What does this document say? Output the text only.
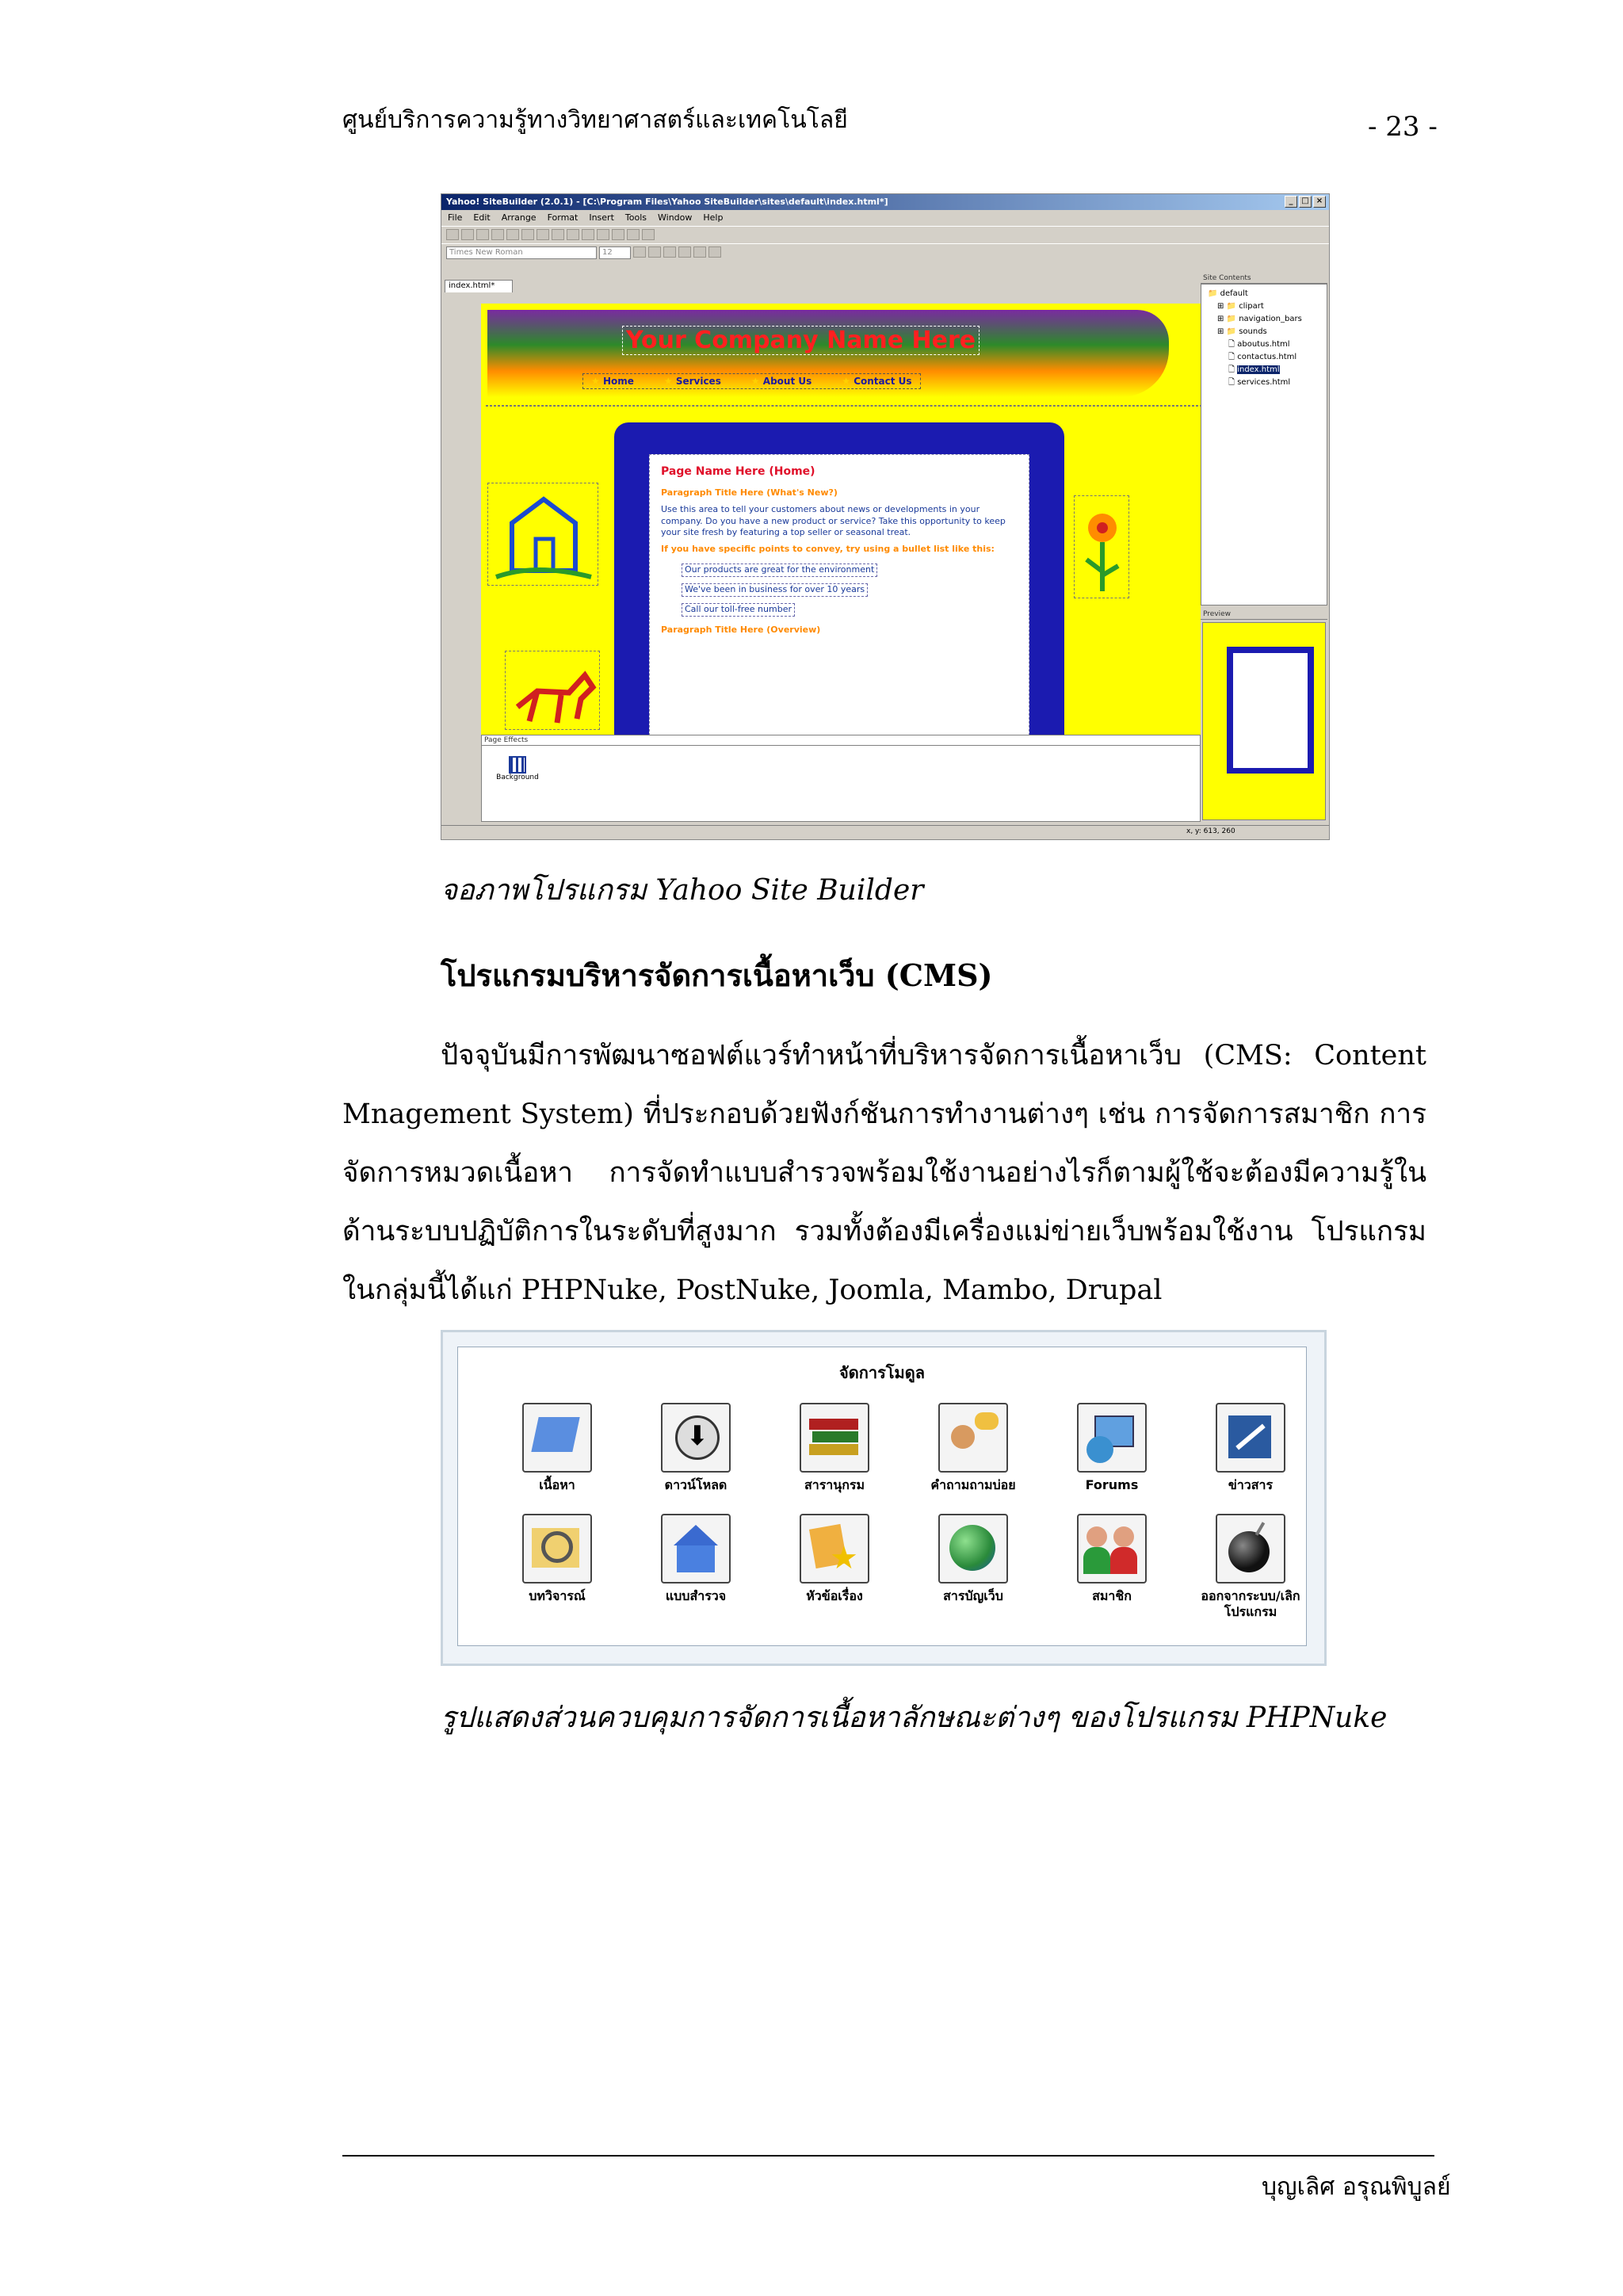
ศูนย์บริการความรู้ทางวิทยาศาสตร์และเทคโนโลยี	- 23 -
Yahoo! SiteBuilder (2.0.1) - [C:\Program Files\Yahoo SiteBuilder\sites\default\index.html*]	_	□ ×
File Edit Arrange Format Insert Tools Window Help
Times New Roman	12
index.html*
Your Company Name Here
★ Home	★ Services	★ About Us	★ Contact Us
Page Name Here (Home)
Paragraph Title Here (What's New?)
Use this area to tell your customers about news or developments in your company. Do you have a new product or service? Take this opportunity to keep your site fresh by featuring a top seller or seasonal treat.
If you have specific points to convey, try using a bullet list like this:
Our products are great for the environment
We've been in business for over 10 years
Call our toll-free number
Paragraph Title Here (Overview)
Site Contents
📁 default
⊞ 📁 clipart
⊞ 📁 navigation_bars
⊞ 📁 sounds
🗋 aboutus.html
🗋 contactus.html
🗋 index.html
🗋 services.html
Preview
Page Effects
Background
x, y: 613, 260
จอภาพโปรแกรม Yahoo Site Builder
โปรแกรมบริหารจัดการเนื้อหาเว็บ (CMS)
ปัจจุบันมีการพัฒนาซอฟต์แวร์ทำหน้าที่บริหารจัดการเนื้อหาเว็บ (CMS: Content
Mnagement System) ที่ประกอบด้วยฟังก์ชันการทำงานต่างๆ เช่น การจัดการสมาชิก การ
จัดการหมวดเนื้อหา การจัดทำแบบสำรวจพร้อมใช้งานอย่างไรก็ตามผู้ใช้จะต้องมีความรู้ใน
ด้านระบบปฏิบัติการในระดับที่สูงมาก รวมทั้งต้องมีเครื่องแม่ข่ายเว็บพร้อมใช้งาน โปรแกรม
ในกลุ่มนี้ได้แก่ PHPNuke, PostNuke, Joomla, Mambo, Drupal
จัดการโมดูล
เนื้อหา
⬇
ดาวน์โหลด	สารานุกรม	คำถามถามบ่อย	Forums	ข่าวสาร
บทวิจารณ์	แบบสำรวจ
★
หัวข้อเรื่อง	สารบัญเว็บ	สมาชิก	ออกจากระบบ/เลิก โปรแกรม
รูปแสดงส่วนควบคุมการจัดการเนื้อหาลักษณะต่างๆ ของโปรแกรม PHPNuke
บุญเลิศ อรุณพิบูลย์
